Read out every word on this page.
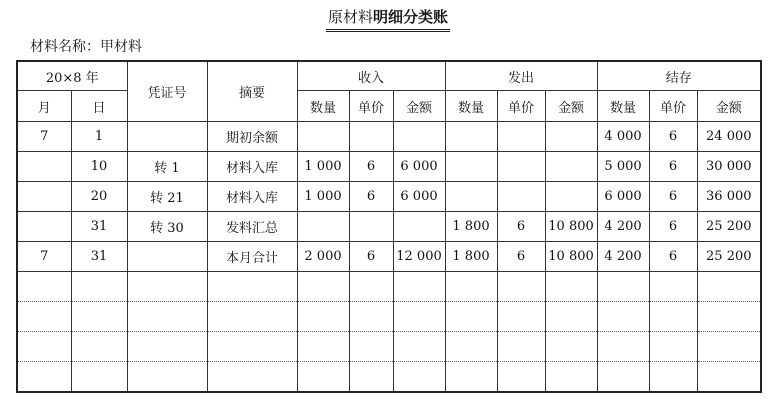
原材料明细分类账
材料名称：甲材料
20×8 年		凭证号	摘要	收入			发出			结存		
月	日			数量	单价	金额	数量	单价	金额	数量	单价	金额
7	1		期初余额							4 000	6	24 000
	10	转 1	材料入库	1 000	6	6 000				5 000	6	30 000
	20	转 21	材料入库	1 000	6	6 000				6 000	6	36 000
	31	转 30	发料汇总				1 800	6	10 800	4 200	6	25 200
7	31		本月合计	2 000	6	12 000	1 800	6	10 800	4 200	6	25 200
